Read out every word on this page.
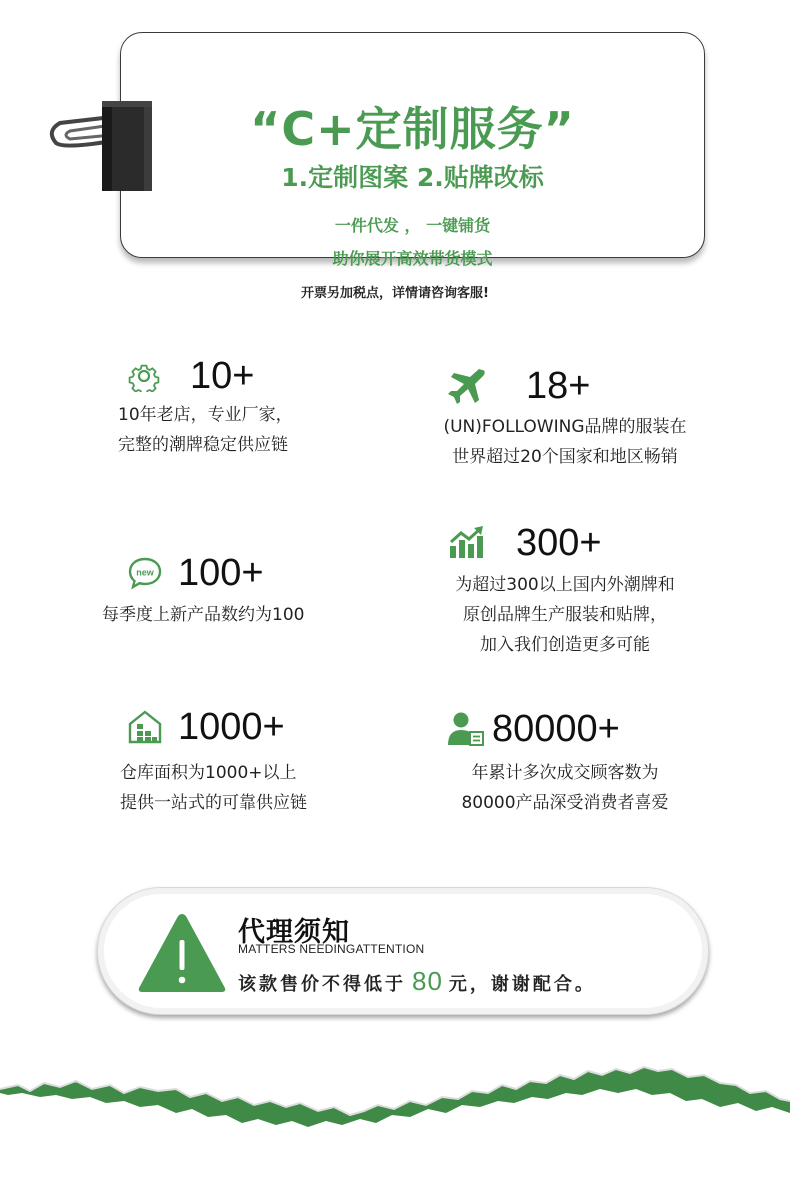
“C+定制服务”
1.定制图案 2.贴牌改标
一件代发 ， 一键铺货
助你展开高效带货模式
开票另加税点，详情请咨询客服!
10+
10年老店，专业厂家，
完整的潮牌稳定供应链
18+
(UN)FOLLOWING品牌的服装在
世界超过20个国家和地区畅销
new 100+
每季度上新产品数约为100
300+
为超过300以上国内外潮牌和
原创品牌生产服装和贴牌，
加入我们创造更多可能
1000+
仓库面积为1000+以上
提供一站式的可靠供应链
80000+
年累计多次成交顾客数为
80000产品深受消费者喜爱
代理须知
MATTERS NEEDINGATTENTION
该款售价不得低于 80 元，谢谢配合。
